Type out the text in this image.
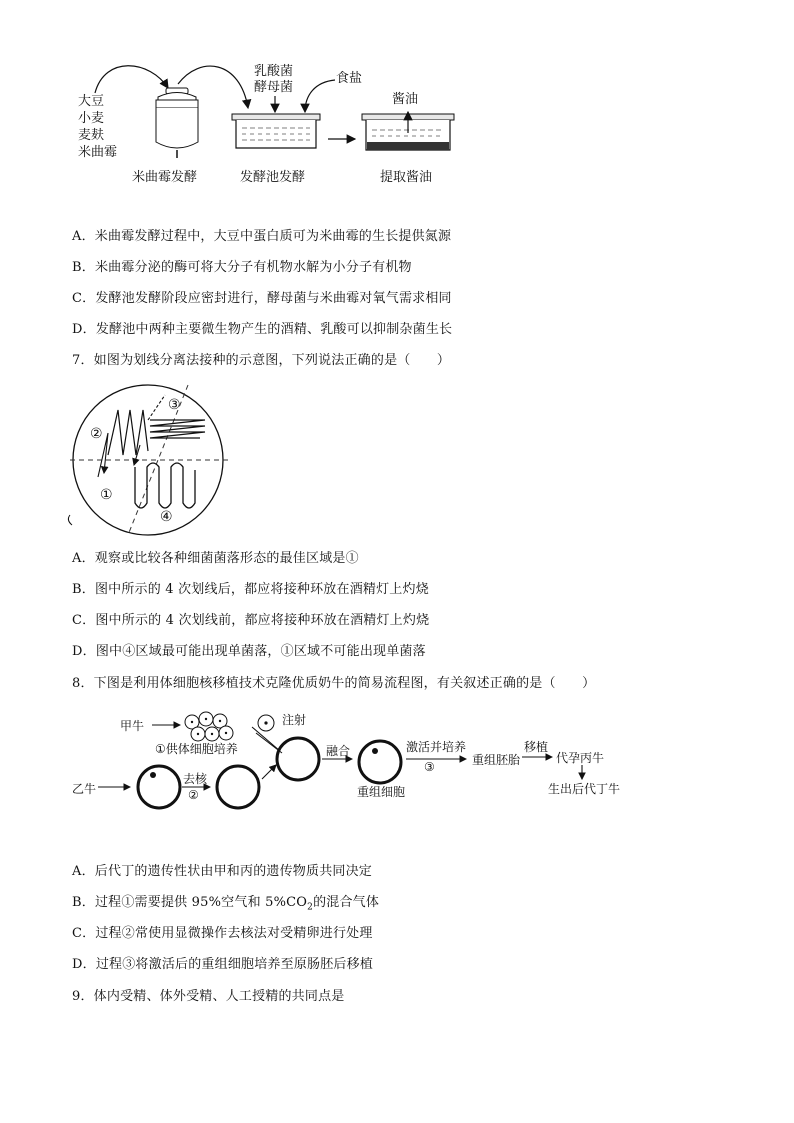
大豆
小麦
麦麸
米曲霉
乳酸菌
酵母菌
食盐
酱油
米曲霉发酵	发酵池发酵	提取酱油
A．米曲霉发酵过程中，大豆中蛋白质可为米曲霉的生长提供氮源
B．米曲霉分泌的酶可将大分子有机物水解为小分子有机物
C．发酵池发酵阶段应密封进行，酵母菌与米曲霉对氧气需求相同
D．发酵池中两种主要微生物产生的酒精、乳酸可以抑制杂菌生长
7．如图为划线分离法接种的示意图，下列说法正确的是（　　）
③
②
①
④
A．观察或比较各种细菌菌落形态的最佳区域是①
B．图中所示的 4 次划线后，都应将接种环放在酒精灯上灼烧
C．图中所示的 4 次划线前，都应将接种环放在酒精灯上灼烧
D．图中④区域最可能出现单菌落，①区域不可能出现单菌落
8．下图是利用体细胞核移植技术克隆优质奶牛的简易流程图，有关叙述正确的是（　　）
甲牛
①供体细胞培养
注射
乙牛
去核
②
融合
重组细胞
激活并培养
③	重组胚胎
移植
代孕丙牛
生出后代丁牛
A．后代丁的遗传性状由甲和丙的遗传物质共同决定
B．过程①需要提供 95%空气和 $5\%CO_2$的混合气体
C．过程②常使用显微操作去核法对受精卵进行处理
D．过程③将激活后的重组细胞培养至原肠胚后移植
9．体内受精、体外受精、人工授精的共同点是
